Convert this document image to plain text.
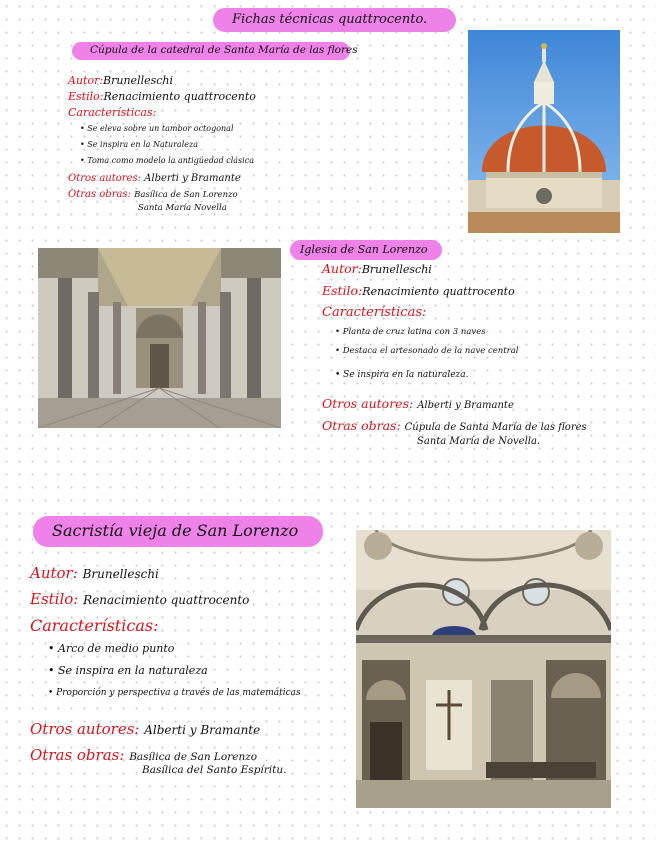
Fichas técnicas quattrocento.
Cúpula de la catedral de Santa María de las flores
Autor:Brunelleschi
Estilo:Renacimiento quattrocento
Características:
• Se eleva sobre un tambor octogonal
• Se inspira en la Naturaleza
• Toma como modelo la antigüedad clásica
Otros autores: Alberti y Bramante
Otras obras: Basílica de San Lorenzo
Santa María Novella
Iglesia de San Lorenzo
Autor:Brunelleschi
Estilo:Renacimiento quattrocento
Características:
• Planta de cruz latina con 3 naves
• Destaca el artesonado de la nave central
• Se inspira en la naturaleza.
Otros autores: Alberti y Bramante
Otras obras: Cúpula de Santa María de las flores
Santa María de Novella.
Sacristía vieja de San Lorenzo
Autor: Brunelleschi
Estilo: Renacimiento quattrocento
Características:
• Arco de medio punto
• Se inspira en la naturaleza
• Proporción y perspectiva a través de las matemáticas
Otros autores: Alberti y Bramante
Otras obras: Basílica de San Lorenzo
Basílica del Santo Espíritu.
